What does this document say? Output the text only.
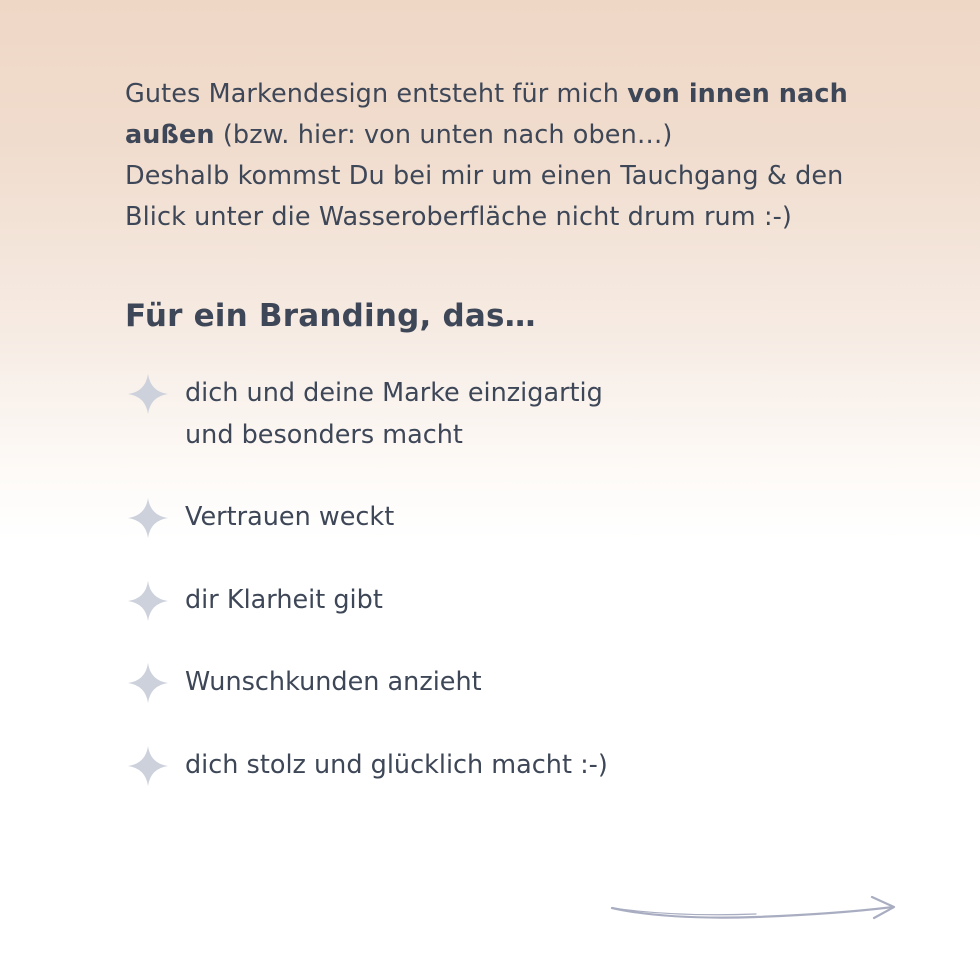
Gutes Markendesign entsteht für mich von innen nach

außen (bzw. hier: von unten nach oben…)

Deshalb kommst Du bei mir um einen Tauchgang & den

Blick unter die Wasseroberfläche nicht drum rum :-)

Für ein Branding, das…
dich und deine Marke einzigartig
und besonders macht
Vertrauen weckt
dir Klarheit gibt
Wunschkunden anzieht
dich stolz und glücklich macht :-)
